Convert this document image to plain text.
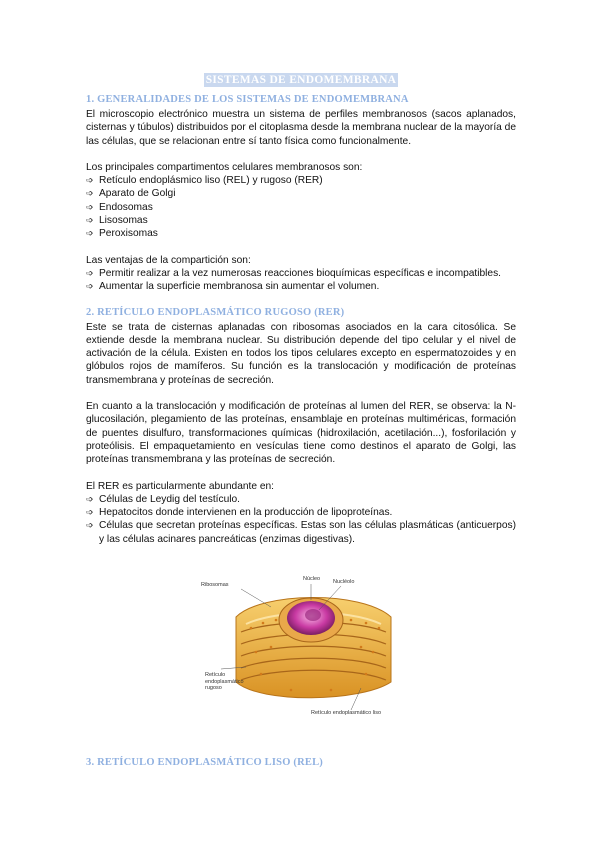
SISTEMAS DE ENDOMEMBRANA
1. GENERALIDADES DE LOS SISTEMAS DE ENDOMEMBRANA

El microscopio electrónico muestra un sistema de perfiles membranosos (sacos aplanados, cisternas y túbulos) distribuidos por el citoplasma desde la membrana nuclear de la mayoría de las células, que se relacionan entre sí tanto física como funcionalmente.

Los principales compartimentos celulares membranosos son:

➩ Retículo endoplásmico liso (REL) y rugoso (RER)
➩ Aparato de Golgi
➩ Endosomas
➩ Lisosomas
➩ Peroxisomas

Las ventajas de la compartición son:

➩ Permitir realizar a la vez numerosas reacciones bioquímicas específicas e incompatibles.
➩ Aumentar la superficie membranosa sin aumentar el volumen.
2. RETÍCULO ENDOPLASMÁTICO RUGOSO (RER)

Este se trata de cisternas aplanadas con ribosomas asociados en la cara citosólica. Se extiende desde la membrana nuclear. Su distribución depende del tipo celular y el nivel de activación de la célula. Existen en todos los tipos celulares excepto en espermatozoides y en glóbulos rojos de mamíferos. Su función es la translocación y modificación de proteínas transmembrana y proteínas de secreción.

En cuanto a la translocación y modificación de proteínas al lumen del RER, se observa: la N-glucosilación, plegamiento de las proteínas, ensamblaje en proteínas multiméricas, formación de puentes disulfuro, transformaciones químicas (hidroxilación, acetilación...), fosforilación y proteólisis. El empaquetamiento en vesículas tiene como destinos el aparato de Golgi, las proteínas transmembrana y las proteínas de secreción.

El RER es particularmente abundante en:

➩ Células de Leydig del testículo.
➩ Hepatocitos donde intervienen en la producción de lipoproteínas.
➩ Células que secretan proteínas específicas. Estas son las células plasmáticas (anticuerpos) y las células acinares pancreáticas (enzimas digestivas).
Ribosomas
Núcleo Nucléolo
Retículo endoplasmático rugoso
Retículo endoplasmático liso
3. RETÍCULO ENDOPLASMÁTICO LISO (REL)
